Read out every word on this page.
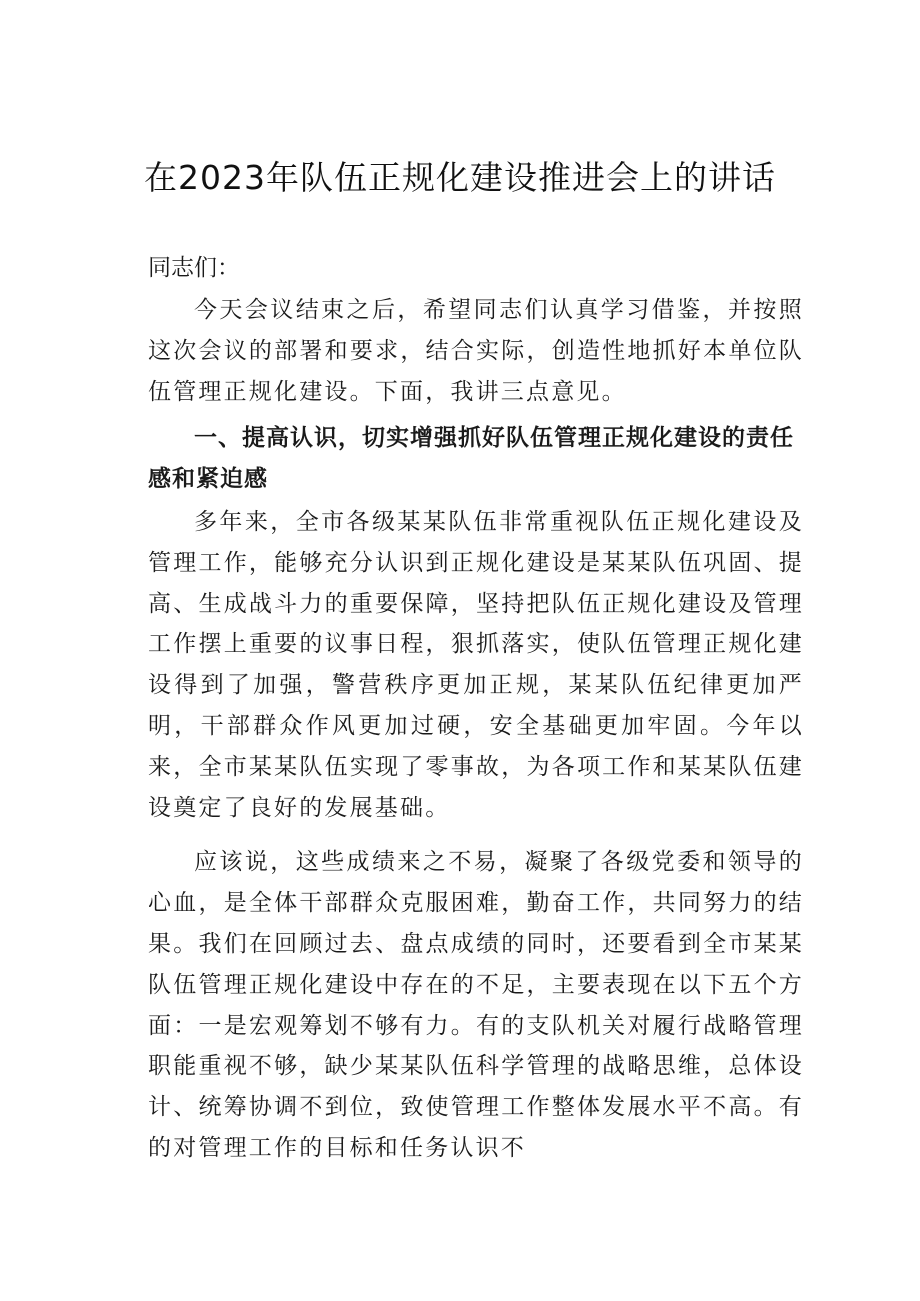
在2023年队伍正规化建设推进会上的讲话

同志们：

今天会议结束之后，希望同志们认真学习借鉴，并按照这次会议的部署和要求，结合实际，创造性地抓好本单位队伍管理正规化建设。下面，我讲三点意见。

一、提高认识，切实增强抓好队伍管理正规化建设的责任感和紧迫感

多年来，全市各级某某队伍非常重视队伍正规化建设及管理工作，能够充分认识到正规化建设是某某队伍巩固、提高、生成战斗力的重要保障，坚持把队伍正规化建设及管理工作摆上重要的议事日程，狠抓落实，使队伍管理正规化建设得到了加强，警营秩序更加正规，某某队伍纪律更加严明，干部群众作风更加过硬，安全基础更加牢固。今年以来，全市某某队伍实现了零事故，为各项工作和某某队伍建设奠定了良好的发展基础。

应该说，这些成绩来之不易，凝聚了各级党委和领导的心血，是全体干部群众克服困难，勤奋工作，共同努力的结果。我们在回顾过去、盘点成绩的同时，还要看到全市某某队伍管理正规化建设中存在的不足，主要表现在以下五个方面：一是宏观筹划不够有力。有的支队机关对履行战略管理职能重视不够，缺少某某队伍科学管理的战略思维，总体设计、统筹协调不到位，致使管理工作整体发展水平不高。有的对管理工作的目标和任务认识不
